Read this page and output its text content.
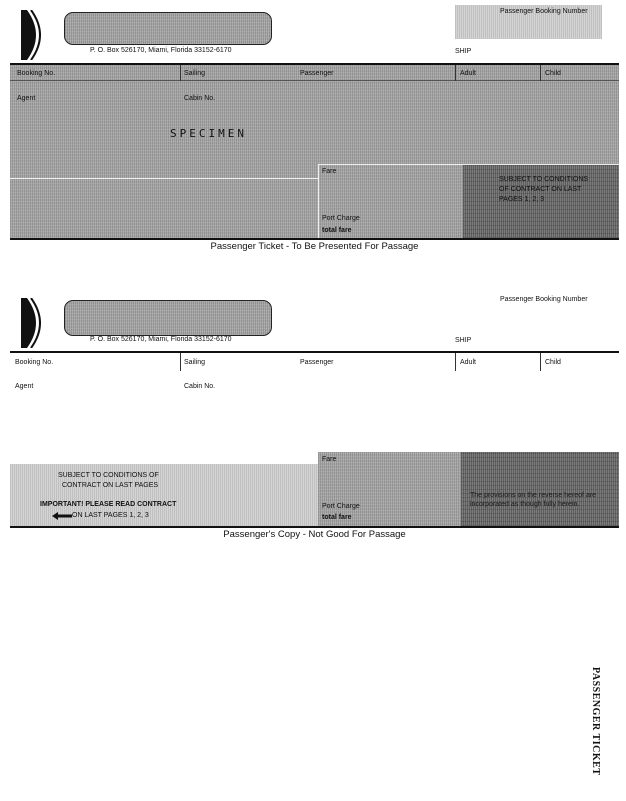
P. O. Box 526170, Miami, Florida 33152-6170
Passenger Booking Number
SHIP
Booking No.	Sailing	Passenger	Adult	Child
Agent	Cabin No.
SPECIMEN
Fare
Port Charge
total fare
SUBJECT TO CONDITIONS OF CONTRACT ON LAST PAGES 1, 2, 3
Passenger Ticket - To Be Presented For Passage
P. O. Box 526170, Miami, Florida 33152-6170
Passenger Booking Number
SHIP
Booking No.	Sailing	Passenger	Adult	Child
Agent	Cabin No.
Fare
Port Charge
total fare
SUBJECT TO CONDITIONS OF
CONTRACT ON LAST PAGES
IMPORTANT! PLEASE READ CONTRACT
ON LAST PAGES 1, 2, 3
The provisions on the reverse hereof are incorporated as though fully herein.
Passenger's Copy - Not Good For Passage
PASSENGER TICKET
